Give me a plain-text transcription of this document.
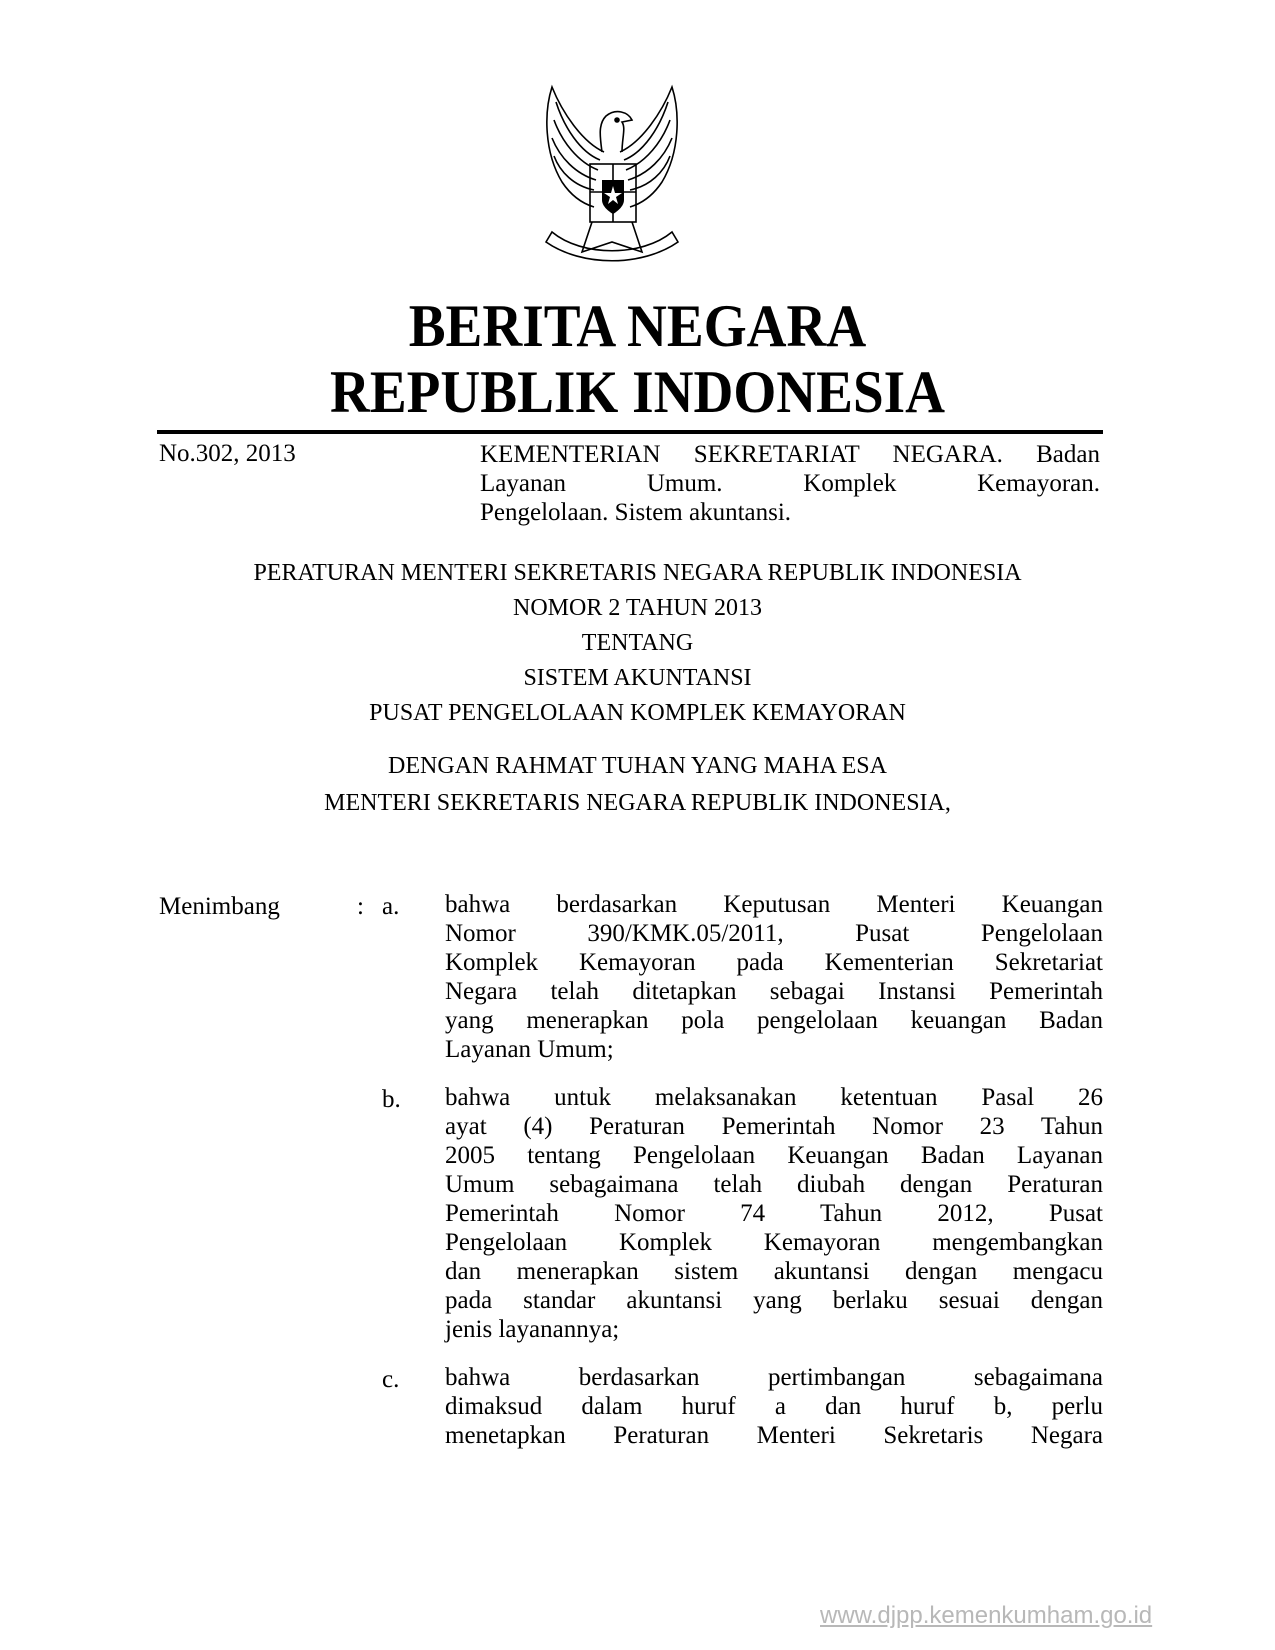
BERITA NEGARA
REPUBLIK INDONESIA
No.302, 2013	KEMENTERIAN SEKRETARIAT NEGARA. Badan
Layanan Umum. Komplek Kemayoran.
Pengelolaan. Sistem akuntansi.
PERATURAN MENTERI SEKRETARIS NEGARA REPUBLIK INDONESIA
NOMOR 2 TAHUN 2013
TENTANG
SISTEM AKUNTANSI
PUSAT PENGELOLAAN KOMPLEK KEMAYORAN
DENGAN RAHMAT TUHAN YANG MAHA ESA
MENTERI SEKRETARIS NEGARA REPUBLIK INDONESIA,
Menimbang	: a. bahwa berdasarkan Keputusan Menteri Keuangan
Nomor 390/KMK.05/2011, Pusat Pengelolaan
Komplek Kemayoran pada Kementerian Sekretariat
Negara telah ditetapkan sebagai Instansi Pemerintah
yang menerapkan pola pengelolaan keuangan Badan
Layanan Umum;
b. bahwa untuk melaksanakan ketentuan Pasal 26
ayat (4) Peraturan Pemerintah Nomor 23 Tahun
2005 tentang Pengelolaan Keuangan Badan Layanan
Umum sebagaimana telah diubah dengan Peraturan
Pemerintah Nomor 74 Tahun 2012, Pusat
Pengelolaan Komplek Kemayoran mengembangkan
dan menerapkan sistem akuntansi dengan mengacu
pada standar akuntansi yang berlaku sesuai dengan
jenis layanannya;
c. bahwa berdasarkan pertimbangan sebagaimana
dimaksud dalam huruf a dan huruf b, perlu
menetapkan Peraturan Menteri Sekretaris Negara
www.djpp.kemenkumham.go.id
